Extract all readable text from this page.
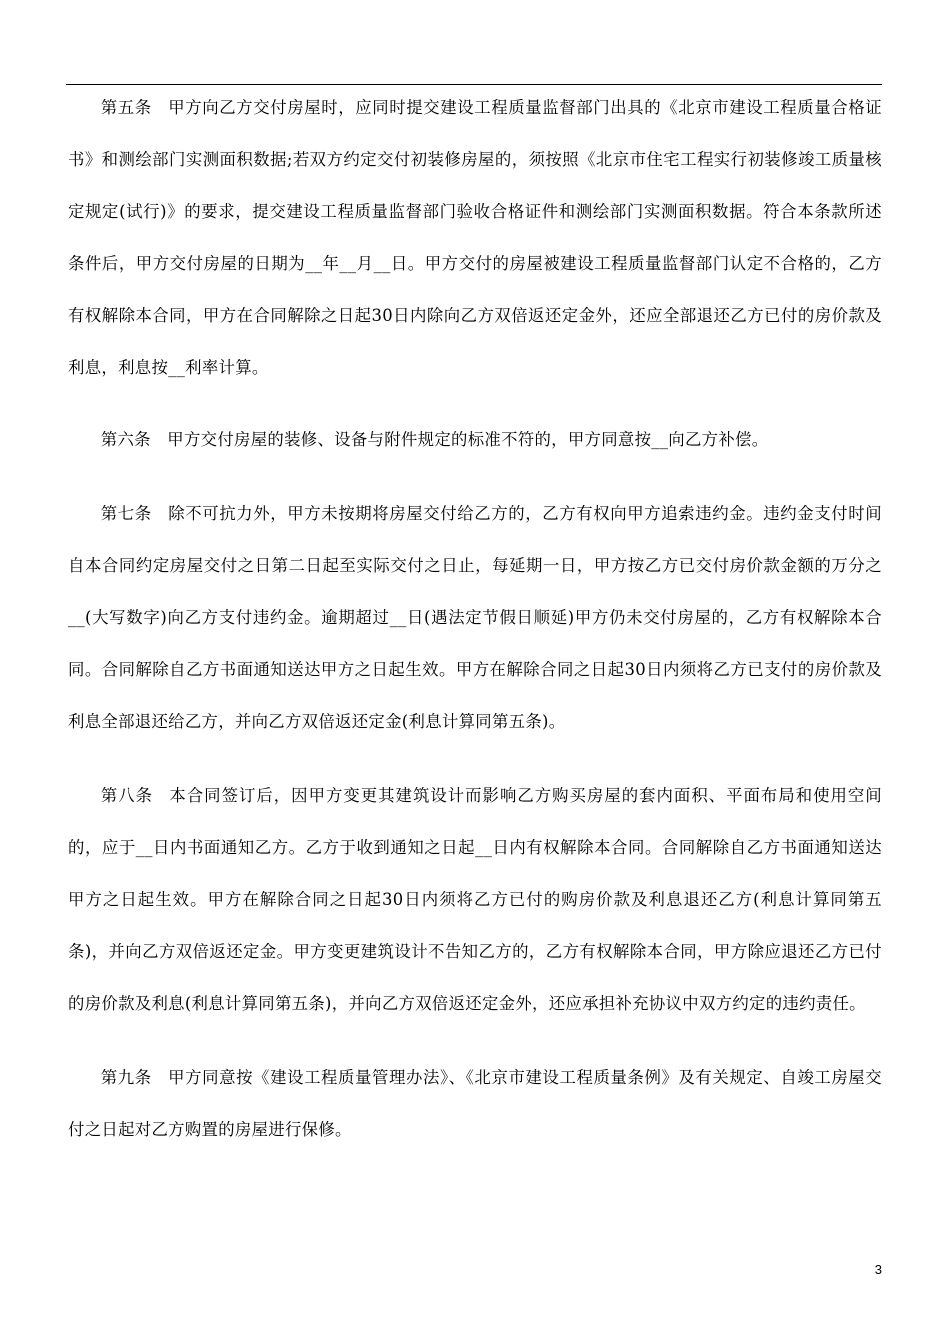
第五条 甲方向乙方交付房屋时，应同时提交建设工程质量监督部门出具的《北京市建设工程质量合格证书》和测绘部门实测面积数据;若双方约定交付初装修房屋的，须按照《北京市住宅工程实行初装修竣工质量核定规定(试行)》的要求，提交建设工程质量监督部门验收合格证件和测绘部门实测面积数据。符合本条款所述条件后，甲方交付房屋的日期为__年__月__日。甲方交付的房屋被建设工程质量监督部门认定不合格的，乙方有权解除本合同，甲方在合同解除之日起30日内除向乙方双倍返还定金外，还应全部退还乙方已付的房价款及利息，利息按__利率计算。

第六条 甲方交付房屋的装修、设备与附件规定的标准不符的，甲方同意按__向乙方补偿。

第七条 除不可抗力外，甲方未按期将房屋交付给乙方的，乙方有权向甲方追索违约金。违约金支付时间自本合同约定房屋交付之日第二日起至实际交付之日止，每延期一日，甲方按乙方已交付房价款金额的万分之__(大写数字)向乙方支付违约金。逾期超过__日(遇法定节假日顺延)甲方仍未交付房屋的，乙方有权解除本合同。合同解除自乙方书面通知送达甲方之日起生效。甲方在解除合同之日起30日内须将乙方已支付的房价款及利息全部退还给乙方，并向乙方双倍返还定金(利息计算同第五条)。

第八条 本合同签订后，因甲方变更其建筑设计而影响乙方购买房屋的套内面积、平面布局和使用空间的，应于__日内书面通知乙方。乙方于收到通知之日起__日内有权解除本合同。合同解除自乙方书面通知送达甲方之日起生效。甲方在解除合同之日起30日内须将乙方已付的购房价款及利息退还乙方(利息计算同第五条)，并向乙方双倍返还定金。甲方变更建筑设计不告知乙方的，乙方有权解除本合同，甲方除应退还乙方已付的房价款及利息(利息计算同第五条)，并向乙方双倍返还定金外，还应承担补充协议中双方约定的违约责任。

第九条 甲方同意按《建设工程质量管理办法》、《北京市建设工程质量条例》及有关规定、自竣工房屋交付之日起对乙方购置的房屋进行保修。

3
